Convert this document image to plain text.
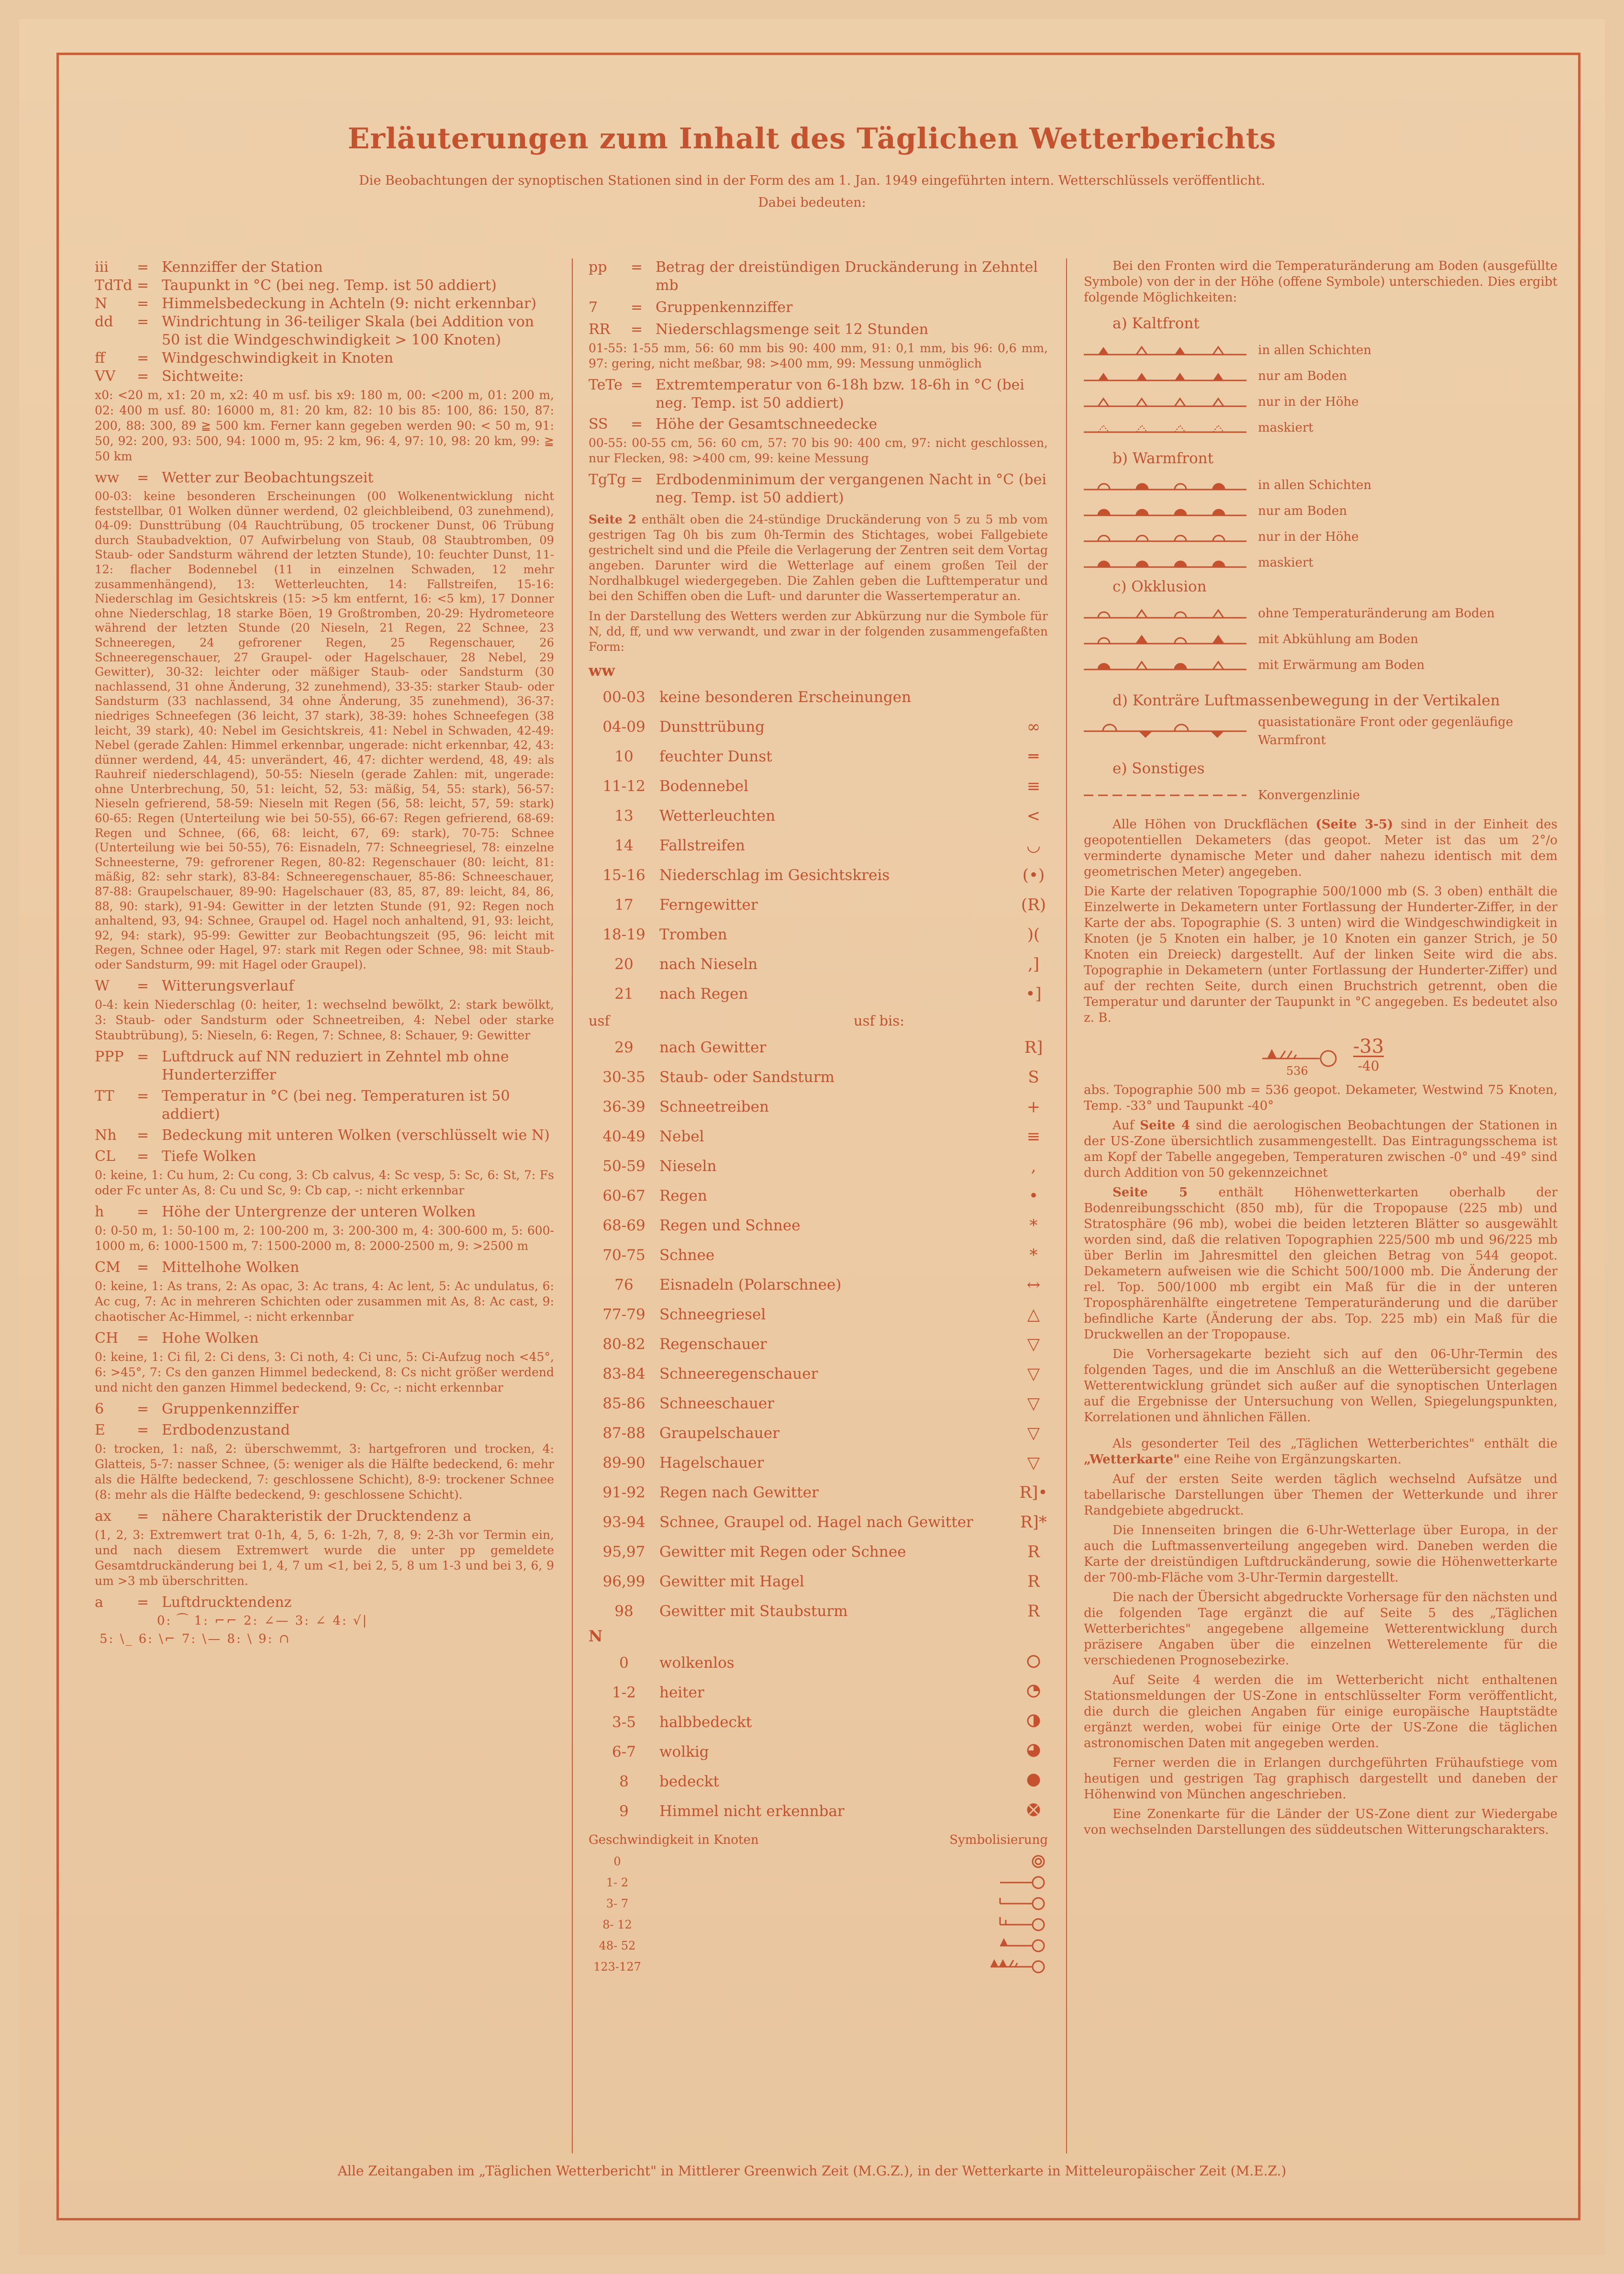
Erläuterungen zum Inhalt des Täglichen Wetterberichts
Die Beobachtungen der synoptischen Stationen sind in der Form des am 1. Jan. 1949 eingeführten intern. Wetterschlüssels veröffentlicht.
Dabei bedeuten:
iii	= Kennziffer der Station
TdTd = Taupunkt in °C (bei neg. Temp. ist 50 addiert)
N	= Himmelsbedeckung in Achteln (9: nicht erkennbar)
dd	= Windrichtung in 36-teiliger Skala (bei Addition von 50 ist die Windgeschwindigkeit > 100 Knoten)
ff	= Windgeschwindigkeit in Knoten
VV	= Sichtweite:
x0: <20 m, x1: 20 m, x2: 40 m usf. bis x9: 180 m, 00: <200 m, 01: 200 m, 02: 400 m usf. 80: 16000 m, 81: 20 km, 82: 10 bis 85: 100, 86: 150, 87: 200, 88: 300, 89 ≧ 500 km. Ferner kann gegeben werden 90: < 50 m, 91: 50, 92: 200, 93: 500, 94: 1000 m, 95: 2 km, 96: 4, 97: 10, 98: 20 km, 99: ≧ 50 km
ww	= Wetter zur Beobachtungszeit
00-03: keine besonderen Erscheinungen (00 Wolkenentwicklung nicht feststellbar, 01 Wolken dünner werdend, 02 gleichbleibend, 03 zunehmend), 04-09: Dunsttrübung (04 Rauchtrübung, 05 trockener Dunst, 06 Trübung durch Staubadvektion, 07 Aufwirbelung von Staub, 08 Staubtromben, 09 Staub- oder Sandsturm während der letzten Stunde), 10: feuchter Dunst, 11-12: flacher Bodennebel (11 in einzelnen Schwaden, 12 mehr zusammenhängend), 13: Wetterleuchten, 14: Fallstreifen, 15-16: Niederschlag im Gesichtskreis (15: >5 km entfernt, 16: <5 km), 17 Donner ohne Niederschlag, 18 starke Böen, 19 Großtromben, 20-29: Hydrometeore während der letzten Stunde (20 Nieseln, 21 Regen, 22 Schnee, 23 Schneeregen, 24 gefrorener Regen, 25 Regenschauer, 26 Schneeregenschauer, 27 Graupel- oder Hagelschauer, 28 Nebel, 29 Gewitter), 30-32: leichter oder mäßiger Staub- oder Sandsturm (30 nachlassend, 31 ohne Änderung, 32 zunehmend), 33-35: starker Staub- oder Sandsturm (33 nachlassend, 34 ohne Änderung, 35 zunehmend), 36-37: niedriges Schneefegen (36 leicht, 37 stark), 38-39: hohes Schneefegen (38 leicht, 39 stark), 40: Nebel im Gesichtskreis, 41: Nebel in Schwaden, 42-49: Nebel (gerade Zahlen: Himmel erkennbar, ungerade: nicht erkennbar, 42, 43: dünner werdend, 44, 45: unverändert, 46, 47: dichter werdend, 48, 49: als Rauhreif niederschlagend), 50-55: Nieseln (gerade Zahlen: mit, ungerade: ohne Unterbrechung, 50, 51: leicht, 52, 53: mäßig, 54, 55: stark), 56-57: Nieseln gefrierend, 58-59: Nieseln mit Regen (56, 58: leicht, 57, 59: stark) 60-65: Regen (Unterteilung wie bei 50-55), 66-67: Regen gefrierend, 68-69: Regen und Schnee, (66, 68: leicht, 67, 69: stark), 70-75: Schnee (Unterteilung wie bei 50-55), 76: Eisnadeln, 77: Schneegriesel, 78: einzelne Schneesterne, 79: gefrorener Regen, 80-82: Regenschauer (80: leicht, 81: mäßig, 82: sehr stark), 83-84: Schneeregenschauer, 85-86: Schneeschauer, 87-88: Graupelschauer, 89-90: Hagelschauer (83, 85, 87, 89: leicht, 84, 86, 88, 90: stark), 91-94: Gewitter in der letzten Stunde (91, 92: Regen noch anhaltend, 93, 94: Schnee, Graupel od. Hagel noch anhaltend, 91, 93: leicht, 92, 94: stark), 95-99: Gewitter zur Beobachtungszeit (95, 96: leicht mit Regen, Schnee oder Hagel, 97: stark mit Regen oder Schnee, 98: mit Staub- oder Sandsturm, 99: mit Hagel oder Graupel).
W	= Witterungsverlauf
0-4: kein Niederschlag (0: heiter, 1: wechselnd bewölkt, 2: stark bewölkt, 3: Staub- oder Sandsturm oder Schneetreiben, 4: Nebel oder starke Staubtrübung), 5: Nieseln, 6: Regen, 7: Schnee, 8: Schauer, 9: Gewitter
PPP = Luftdruck auf NN reduziert in Zehntel mb ohne Hunderterziffer
TT	= Temperatur in °C (bei neg. Temperaturen ist 50 addiert)
Nh	= Bedeckung mit unteren Wolken (verschlüsselt wie N)
CL	= Tiefe Wolken
0: keine, 1: Cu hum, 2: Cu cong, 3: Cb calvus, 4: Sc vesp, 5: Sc, 6: St, 7: Fs oder Fc unter As, 8: Cu und Sc, 9: Cb cap, -: nicht erkennbar
h	= Höhe der Untergrenze der unteren Wolken
0: 0-50 m, 1: 50-100 m, 2: 100-200 m, 3: 200-300 m, 4: 300-600 m, 5: 600-1000 m, 6: 1000-1500 m, 7: 1500-2000 m, 8: 2000-2500 m, 9: >2500 m
CM	= Mittelhohe Wolken
0: keine, 1: As trans, 2: As opac, 3: Ac trans, 4: Ac lent, 5: Ac undulatus, 6: Ac cug, 7: Ac in mehreren Schichten oder zusammen mit As, 8: Ac cast, 9: chaotischer Ac-Himmel, -: nicht erkennbar
CH	= Hohe Wolken
0: keine, 1: Ci fil, 2: Ci dens, 3: Ci noth, 4: Ci unc, 5: Ci-Aufzug noch <45°, 6: >45°, 7: Cs den ganzen Himmel bedeckend, 8: Cs nicht größer werdend und nicht den ganzen Himmel bedeckend, 9: Cc, -: nicht erkennbar
6	= Gruppenkennziffer
E	= Erdbodenzustand
0: trocken, 1: naß, 2: überschwemmt, 3: hartgefroren und trocken, 4: Glatteis, 5-7: nasser Schnee, (5: weniger als die Hälfte bedeckend, 6: mehr als die Hälfte bedeckend, 7: geschlossene Schicht), 8-9: trockener Schnee (8: mehr als die Hälfte bedeckend, 9: geschlossene Schicht).
ax	= nähere Charakteristik der Drucktendenz a
(1, 2, 3: Extremwert trat 0-1h, 4, 5, 6: 1-2h, 7, 8, 9: 2-3h vor Termin ein, und nach diesem Extremwert wurde die unter pp gemeldete Gesamtdruckänderung bei 1, 4, 7 um <1, bei 2, 5, 8 um 1-3 und bei 3, 6, 9 um >3 mb überschritten.
a	= Luftdrucktendenz
0: ⁀ 1: ⌐⌐ 2: ∠— 3: ∠ 4: √|
5: \_ 6: \⌐ 7: \— 8: \ 9: ∩
pp	= Betrag der dreistündigen Druckänderung in Zehntel mb
7	= Gruppenkennziffer
RR	= Niederschlagsmenge seit 12 Stunden
01-55: 1-55 mm, 56: 60 mm bis 90: 400 mm, 91: 0,1 mm, bis 96: 0,6 mm, 97: gering, nicht meßbar, 98: >400 mm, 99: Messung unmöglich
TeTe = Extremtemperatur von 6-18h bzw. 18-6h in °C (bei neg. Temp. ist 50 addiert)
SS	= Höhe der Gesamtschneedecke
00-55: 00-55 cm, 56: 60 cm, 57: 70 bis 90: 400 cm, 97: nicht geschlossen, nur Flecken, 98: >400 cm, 99: keine Messung
TgTg = Erdbodenminimum der vergangenen Nacht in °C (bei neg. Temp. ist 50 addiert)
Seite 2 enthält oben die 24-stündige Druckänderung von 5 zu 5 mb vom gestrigen Tag 0h bis zum 0h-Termin des Stichtages, wobei Fallgebiete gestrichelt sind und die Pfeile die Verlagerung der Zentren seit dem Vortag angeben. Darunter wird die Wetterlage auf einem großen Teil der Nordhalbkugel wiedergegeben. Die Zahlen geben die Lufttemperatur und bei den Schiffen oben die Luft- und darunter die Wassertemperatur an.
In der Darstellung des Wetters werden zur Abkürzung nur die Symbole für N, dd, ff, und ww verwandt, und zwar in der folgenden zusammengefaßten Form:
ww
00-03 keine besonderen Erscheinungen
04-09 Dunsttrübung	∞
10	feuchter Dunst	═
11-12 Bodennebel	≡
13	Wetterleuchten	<
14	Fallstreifen	◡
15-16 Niederschlag im Gesichtskreis	(•)
17	Ferngewitter	(R)
18-19 Tromben	)(
20	nach Nieseln	,]
21	nach Regen	•]
usf	usf bis:
29	nach Gewitter	R]
30-35 Staub- oder Sandsturm	S
36-39 Schneetreiben	+
40-49 Nebel	≡
50-59 Nieseln	,
60-67 Regen	•
68-69 Regen und Schnee	*
70-75 Schnee	*
76	Eisnadeln (Polarschnee)	↔
77-79 Schneegriesel	△
80-82 Regenschauer	▽
83-84 Schneeregenschauer	▽
85-86 Schneeschauer	▽
87-88 Graupelschauer	▽
89-90 Hagelschauer	▽
91-92 Regen nach Gewitter	R]•
93-94 Schnee, Graupel od. Hagel nach Gewitter	R]*
95,97 Gewitter mit Regen oder Schnee	R
96,99 Gewitter mit Hagel	R
98	Gewitter mit Staubsturm	R
N
0	wolkenlos
1-2	heiter
3-5	halbbedeckt
6-7	wolkig
8	bedeckt
9	Himmel nicht erkennbar
Geschwindigkeit in Knoten	Symbolisierung
0
1- 2
3- 7
8- 12
48- 52
123-127
Bei den Fronten wird die Temperaturänderung am Boden (ausgefüllte Symbole) von der in der Höhe (offene Symbole) unterschieden. Dies ergibt folgende Möglichkeiten:
a) Kaltfront
in allen Schichten
nur am Boden
nur in der Höhe
maskiert
b) Warmfront
in allen Schichten
nur am Boden
nur in der Höhe
maskiert
c) Okklusion
ohne Temperaturänderung am Boden
mit Abkühlung am Boden
mit Erwärmung am Boden
d) Konträre Luftmassenbewegung in der Vertikalen
quasistationäre Front oder gegenläufige Warmfront
e) Sonstiges
Konvergenzlinie
Alle Höhen von Druckflächen (Seite 3-5) sind in der Einheit des geopotentiellen Dekameters (das geopot. Meter ist das um 2°/o verminderte dynamische Meter und daher nahezu identisch mit dem geometrischen Meter) angegeben.
Die Karte der relativen Topographie 500/1000 mb (S. 3 oben) enthält die Einzelwerte in Dekametern unter Fortlassung der Hunderter-Ziffer, in der Karte der abs. Topographie (S. 3 unten) wird die Windgeschwindigkeit in Knoten (je 5 Knoten ein halber, je 10 Knoten ein ganzer Strich, je 50 Knoten ein Dreieck) dargestellt. Auf der linken Seite wird die abs. Topographie in Dekametern (unter Fortlassung der Hunderter-Ziffer) und auf der rechten Seite, durch einen Bruchstrich getrennt, oben die Temperatur und darunter der Taupunkt in °C angegeben. Es bedeutet also z. B.
536
-33
-40
abs. Topographie 500 mb = 536 geopot. Dekameter, Westwind 75 Knoten, Temp. -33° und Taupunkt -40°
Auf Seite 4 sind die aerologischen Beobachtungen der Stationen in der US-Zone übersichtlich zusammengestellt. Das Eintragungsschema ist am Kopf der Tabelle angegeben, Temperaturen zwischen -0° und -49° sind durch Addition von 50 gekennzeichnet
Seite 5 enthält Höhenwetterkarten oberhalb der Bodenreibungsschicht (850 mb), für die Tropopause (225 mb) und Stratosphäre (96 mb), wobei die beiden letzteren Blätter so ausgewählt worden sind, daß die relativen Topographien 225/500 mb und 96/225 mb über Berlin im Jahresmittel den gleichen Betrag von 544 geopot. Dekametern aufweisen wie die Schicht 500/1000 mb. Die Änderung der rel. Top. 500/1000 mb ergibt ein Maß für die in der unteren Troposphärenhälfte eingetretene Temperaturänderung und die darüber befindliche Karte (Änderung der abs. Top. 225 mb) ein Maß für die Druckwellen an der Tropopause.
Die Vorhersagekarte bezieht sich auf den 06-Uhr-Termin des folgenden Tages, und die im Anschluß an die Wetterübersicht gegebene Wetterentwicklung gründet sich außer auf die synoptischen Unterlagen auf die Ergebnisse der Untersuchung von Wellen, Spiegelungspunkten, Korrelationen und ähnlichen Fällen.
Als gesonderter Teil des „Täglichen Wetterberichtes" enthält die „Wetterkarte" eine Reihe von Ergänzungskarten.
Auf der ersten Seite werden täglich wechselnd Aufsätze und tabellarische Darstellungen über Themen der Wetterkunde und ihrer Randgebiete abgedruckt.
Die Innenseiten bringen die 6-Uhr-Wetterlage über Europa, in der auch die Luftmassenverteilung angegeben wird. Daneben werden die Karte der dreistündigen Luftdruckänderung, sowie die Höhenwetterkarte der 700-mb-Fläche vom 3-Uhr-Termin dargestellt.
Die nach der Übersicht abgedruckte Vorhersage für den nächsten und die folgenden Tage ergänzt die auf Seite 5 des „Täglichen Wetterberichtes" angegebene allgemeine Wetterentwicklung durch präzisere Angaben über die einzelnen Wetterelemente für die verschiedenen Prognosebezirke.
Auf Seite 4 werden die im Wetterbericht nicht enthaltenen Stationsmeldungen der US-Zone in entschlüsselter Form veröffentlicht, die durch die gleichen Angaben für einige europäische Hauptstädte ergänzt werden, wobei für einige Orte der US-Zone die täglichen astronomischen Daten mit angegeben werden.
Ferner werden die in Erlangen durchgeführten Frühaufstiege vom heutigen und gestrigen Tag graphisch dargestellt und daneben der Höhenwind von München angeschrieben.
Eine Zonenkarte für die Länder der US-Zone dient zur Wiedergabe von wechselnden Darstellungen des süddeutschen Witterungscharakters.
Alle Zeitangaben im „Täglichen Wetterbericht" in Mittlerer Greenwich Zeit (M.G.Z.), in der Wetterkarte in Mitteleuropäischer Zeit (M.E.Z.)
